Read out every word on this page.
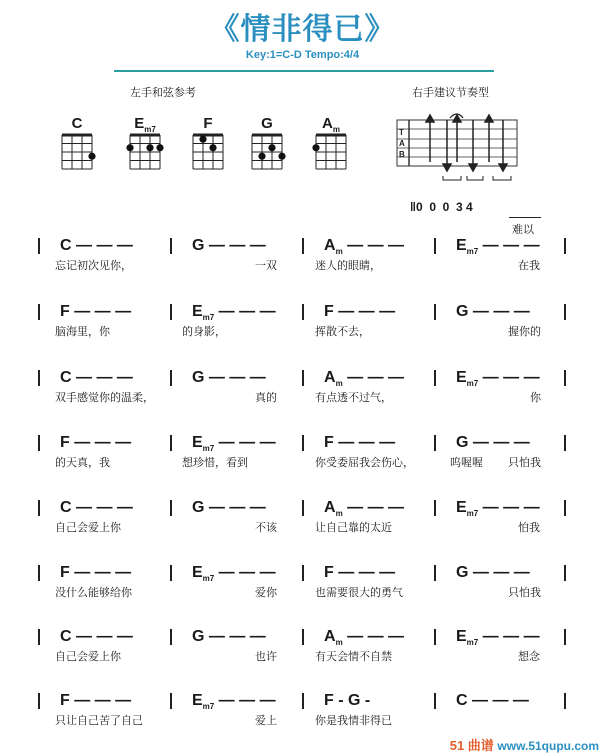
《情非得已》
Key:1=C-D Tempo:4/4
左手和弦参考	右手建议节奏型
C	$E_{m7}$	F	G	$A_m$	T
A
B
‖0  0  0  3 4
难以
C — — —	G — — —	$A_m$ — — —	$E_{m7}$ — — —
忘记初次见你，	一双	迷人的眼睛，	在我
F — — —	$E_{m7}$ — — —	F — — —	G — — —
脑海里，你	的身影，	挥散不去，	握你的
C — — —	G — — —	$A_m$ — — —	$E_{m7}$ — — —
双手感觉你的温柔，	真的	有点透不过气，	你
F — — —	$E_{m7}$ — — —	F — — —	G — — —
的天真，我	想珍惜，看到	你受委屈我会伤心，	呜喔喔 只怕我
C — — —	G — — —	$A_m$ — — —	$E_{m7}$ — — —
自己会爱上你	不该	让自己靠的太近	怕我
F — — —	$E_{m7}$ — — —	F — — —	G — — —
没什么能够给你	爱你	也需要很大的勇气	只怕我
C — — —	G — — —	$A_m$ — — —	$E_{m7}$ — — —
自己会爱上你	也许	有天会情不自禁	想念
F — — —	$E_{m7}$ — — —	F - G -	C — — —
只让自己苦了自己	爱上	你是我情非得已
51 曲谱 www.51qupu.com
